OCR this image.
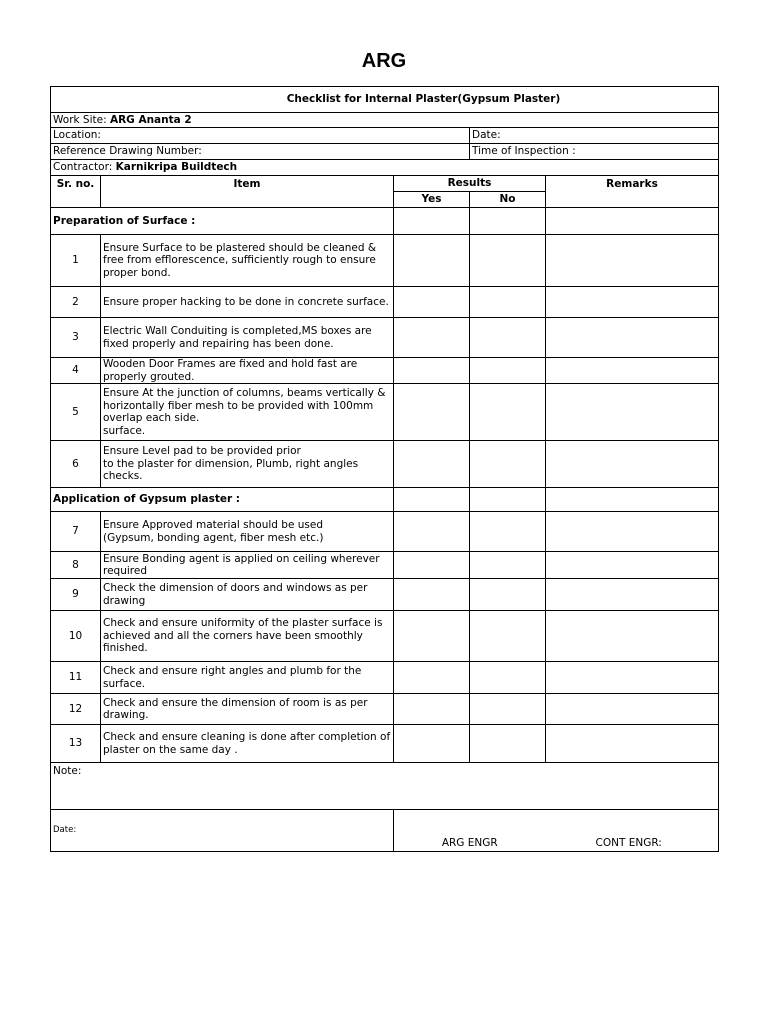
ARG
Checklist for Internal Plaster(Gypsum Plaster)				
Work Site: ARG Ananta 2				
Location:			Date:	
Reference Drawing Number:			Time of Inspection :	
Contractor: Karnikripa Buildtech				
Sr. no.	Item	Results		Remarks
		Yes	No	
Preparation of Surface :				
1	Ensure Surface to be plastered should be cleaned & free from efflorescence, sufficiently rough to ensure proper bond.			
2	Ensure proper hacking to be done in concrete surface.			
3	Electric Wall Conduiting is completed,MS boxes are fixed properly and repairing has been done.			
4	Wooden Door Frames are fixed and hold fast are properly grouted.			
5	Ensure At the junction of columns, beams vertically & horizontally fiber mesh to be provided with 100mm overlap each side.
surface.			
6	Ensure Level pad to be provided prior
to the plaster for dimension, Plumb, right angles checks.			
Application of Gypsum plaster :				
7	Ensure Approved material should be used
(Gypsum, bonding agent, fiber mesh etc.)			
8	Ensure Bonding agent is applied on ceiling wherever required			
9	Check the dimension of doors and windows as per drawing			
10	Check and ensure uniformity of the plaster surface is achieved and all the corners have been smoothly finished.			
11	Check and ensure right angles and plumb for the surface.			
12	Check and ensure the dimension of room is as per drawing.			
13	Check and ensure cleaning is done after completion of plaster on the same day .			
Note:				
Date:		ARG ENGR		CONT ENGR:
